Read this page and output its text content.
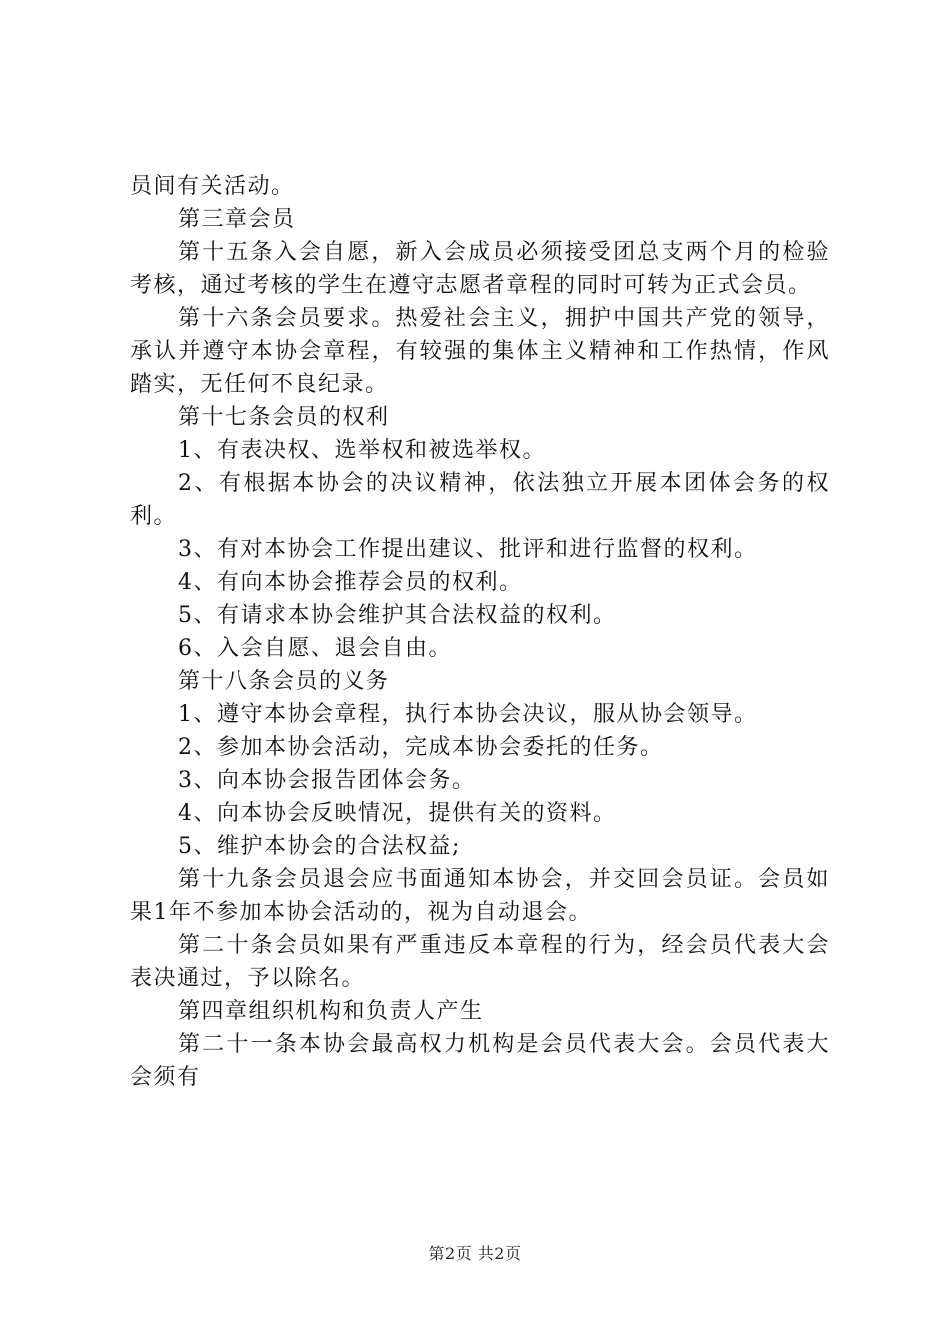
员间有关活动。

第三章会员

第十五条入会自愿，新入会成员必须接受团总支两个月的检验考核，通过考核的学生在遵守志愿者章程的同时可转为正式会员。

第十六条会员要求。热爱社会主义，拥护中国共产党的领导，承认并遵守本协会章程，有较强的集体主义精神和工作热情，作风踏实，无任何不良纪录。

第十七条会员的权利

1、有表决权、选举权和被选举权。

2、有根据本协会的决议精神，依法独立开展本团体会务的权利。

3、有对本协会工作提出建议、批评和进行监督的权利。

4、有向本协会推荐会员的权利。

5、有请求本协会维护其合法权益的权利。

6、入会自愿、退会自由。

第十八条会员的义务

1、遵守本协会章程，执行本协会决议，服从协会领导。

2、参加本协会活动，完成本协会委托的任务。

3、向本协会报告团体会务。

4、向本协会反映情况，提供有关的资料。

5、维护本协会的合法权益;

第十九条会员退会应书面通知本协会，并交回会员证。会员如果1年不参加本协会活动的，视为自动退会。

第二十条会员如果有严重违反本章程的行为，经会员代表大会表决通过，予以除名。

第四章组织机构和负责人产生

第二十一条本协会最高权力机构是会员代表大会。会员代表大会须有

第2页 共2页
